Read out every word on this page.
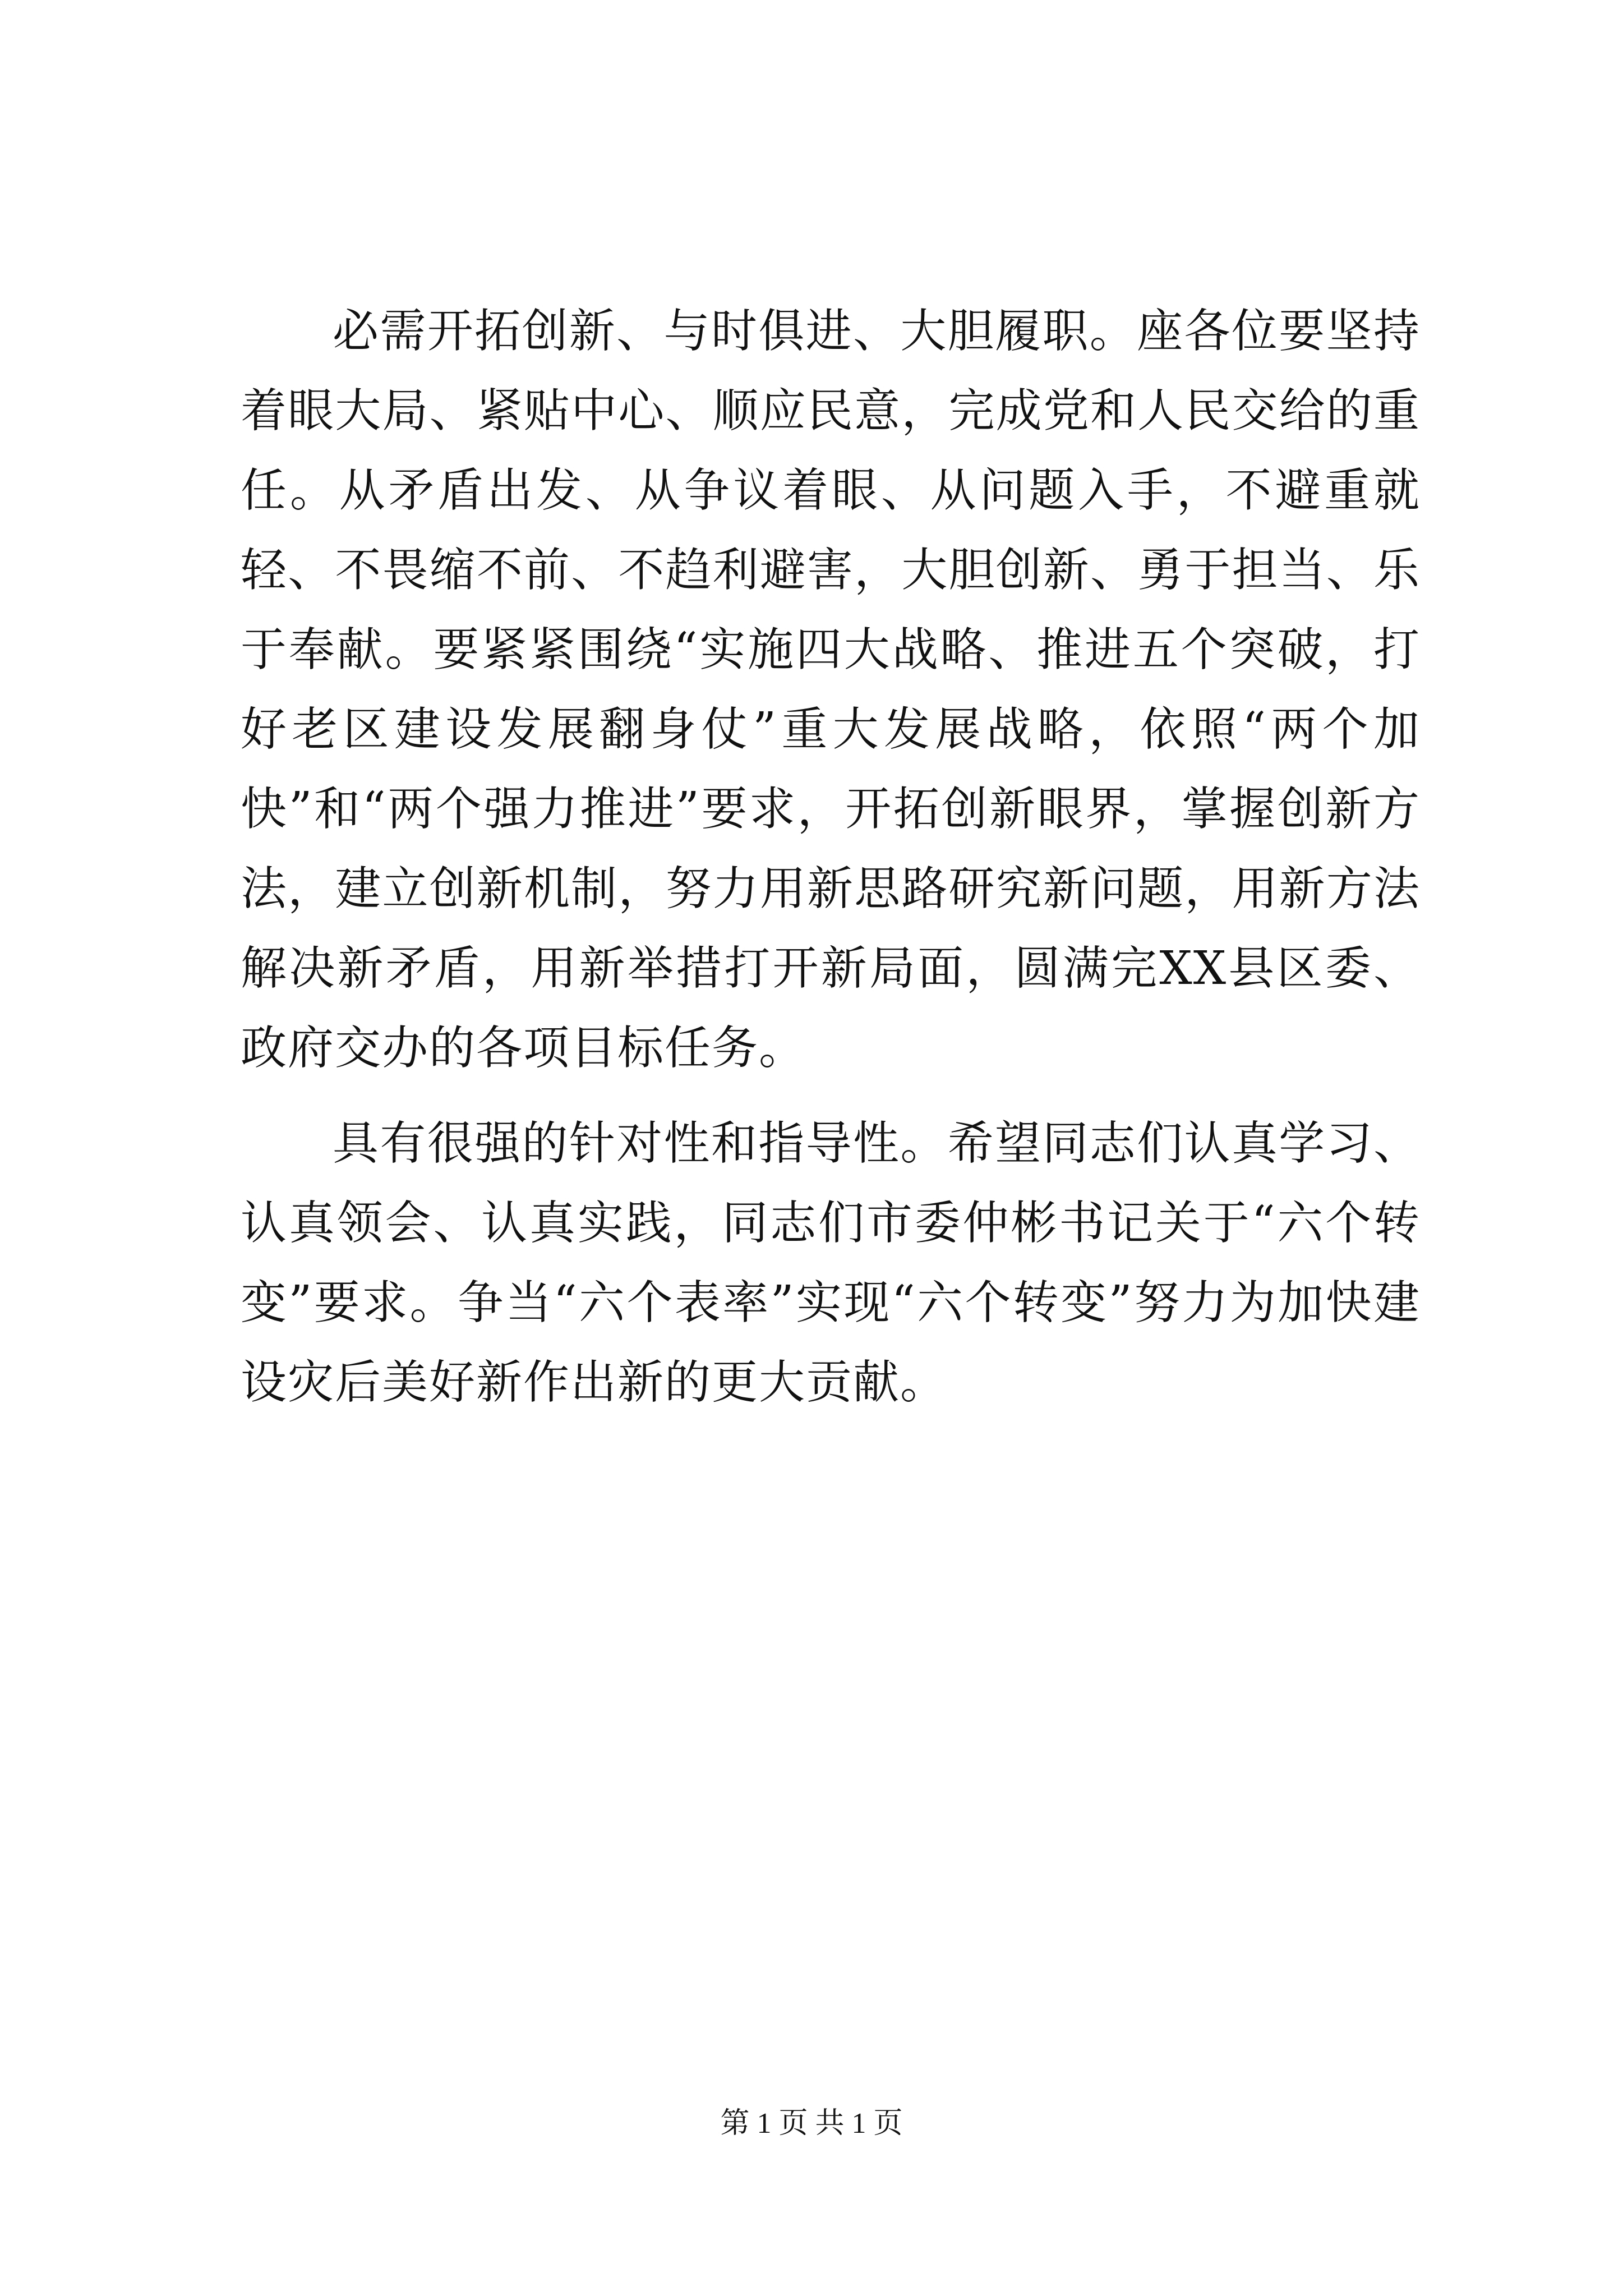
必需开拓创新、与时俱进、大胆履职。座各位要坚持着眼大局、紧贴中心、顺应民意，完成党和人民交给的重任。从矛盾出发、从争议着眼、从问题入手，不避重就轻、不畏缩不前、不趋利避害，大胆创新、勇于担当、乐于奉献。要紧紧围绕“实施四大战略、推进五个突破，打好老区建设发展翻身仗”重大发展战略，依照“两个加快”和“两个强力推进”要求，开拓创新眼界，掌握创新方法，建立创新机制，努力用新思路研究新问题，用新方法解决新矛盾，用新举措打开新局面，圆满完XX县区委、政府交办的各项目标任务。

具有很强的针对性和指导性。希望同志们认真学习、认真领会、认真实践，同志们市委仲彬书记关于“六个转变”要求。争当“六个表率”实现“六个转变”努力为加快建设灾后美好新作出新的更大贡献。

第 1 页 共 1 页
